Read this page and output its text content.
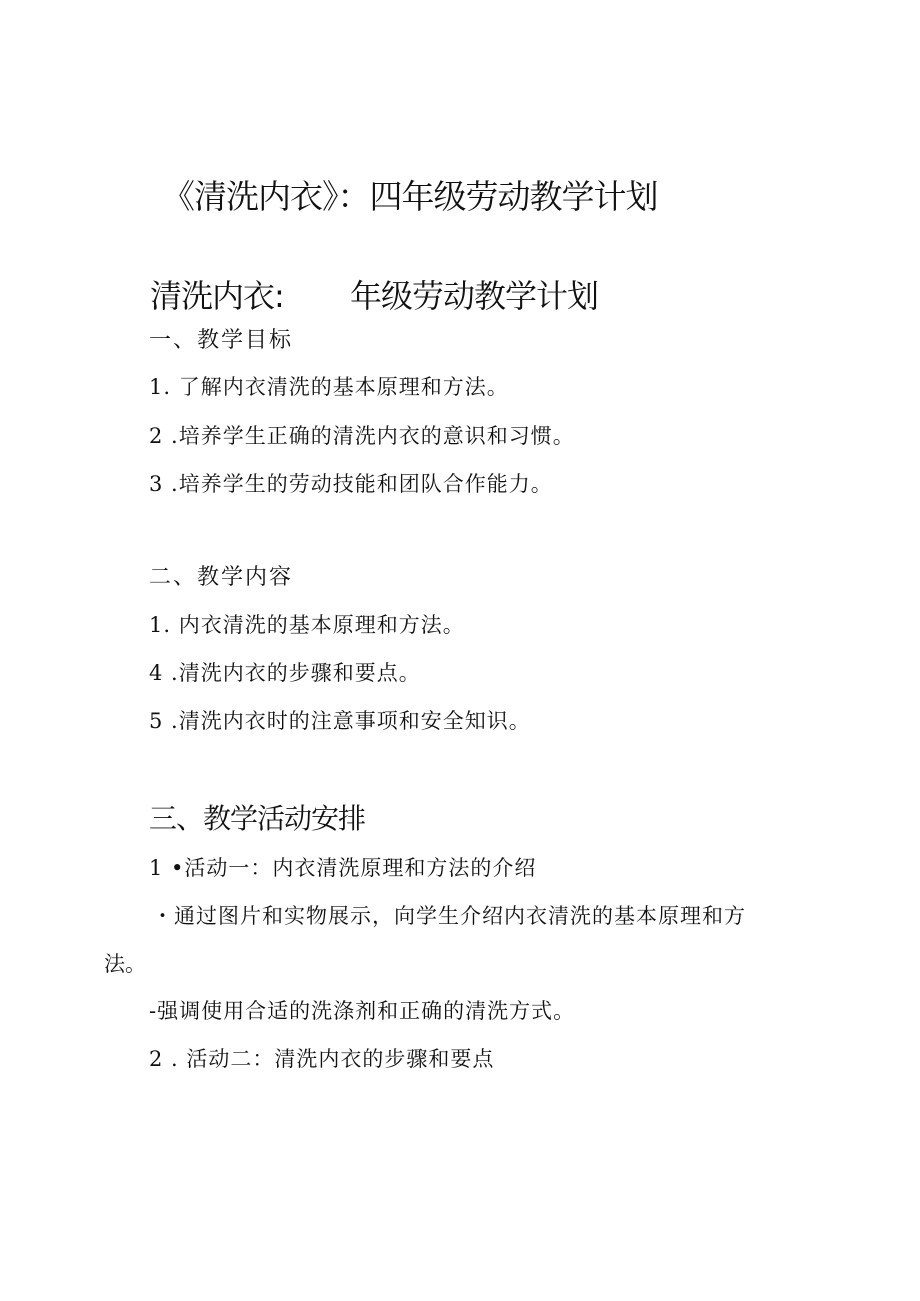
《清洗内衣》：四年级劳动教学计划
清洗内衣: 年级劳动教学计划
一、教学目标
1. 了解内衣清洗的基本原理和方法。
2 .培养学生正确的清洗内衣的意识和习惯。
3 .培养学生的劳动技能和团队合作能力。
二、教学内容
1. 内衣清洗的基本原理和方法。
4 .清洗内衣的步骤和要点。
5 .清洗内衣时的注意事项和安全知识。
三、教学活动安排
1 •活动一：内衣清洗原理和方法的介绍
・通过图片和实物展示，向学生介绍内衣清洗的基本原理和方
法。
-强调使用合适的洗涤剂和正确的清洗方式。
2 . 活动二：清洗内衣的步骤和要点
